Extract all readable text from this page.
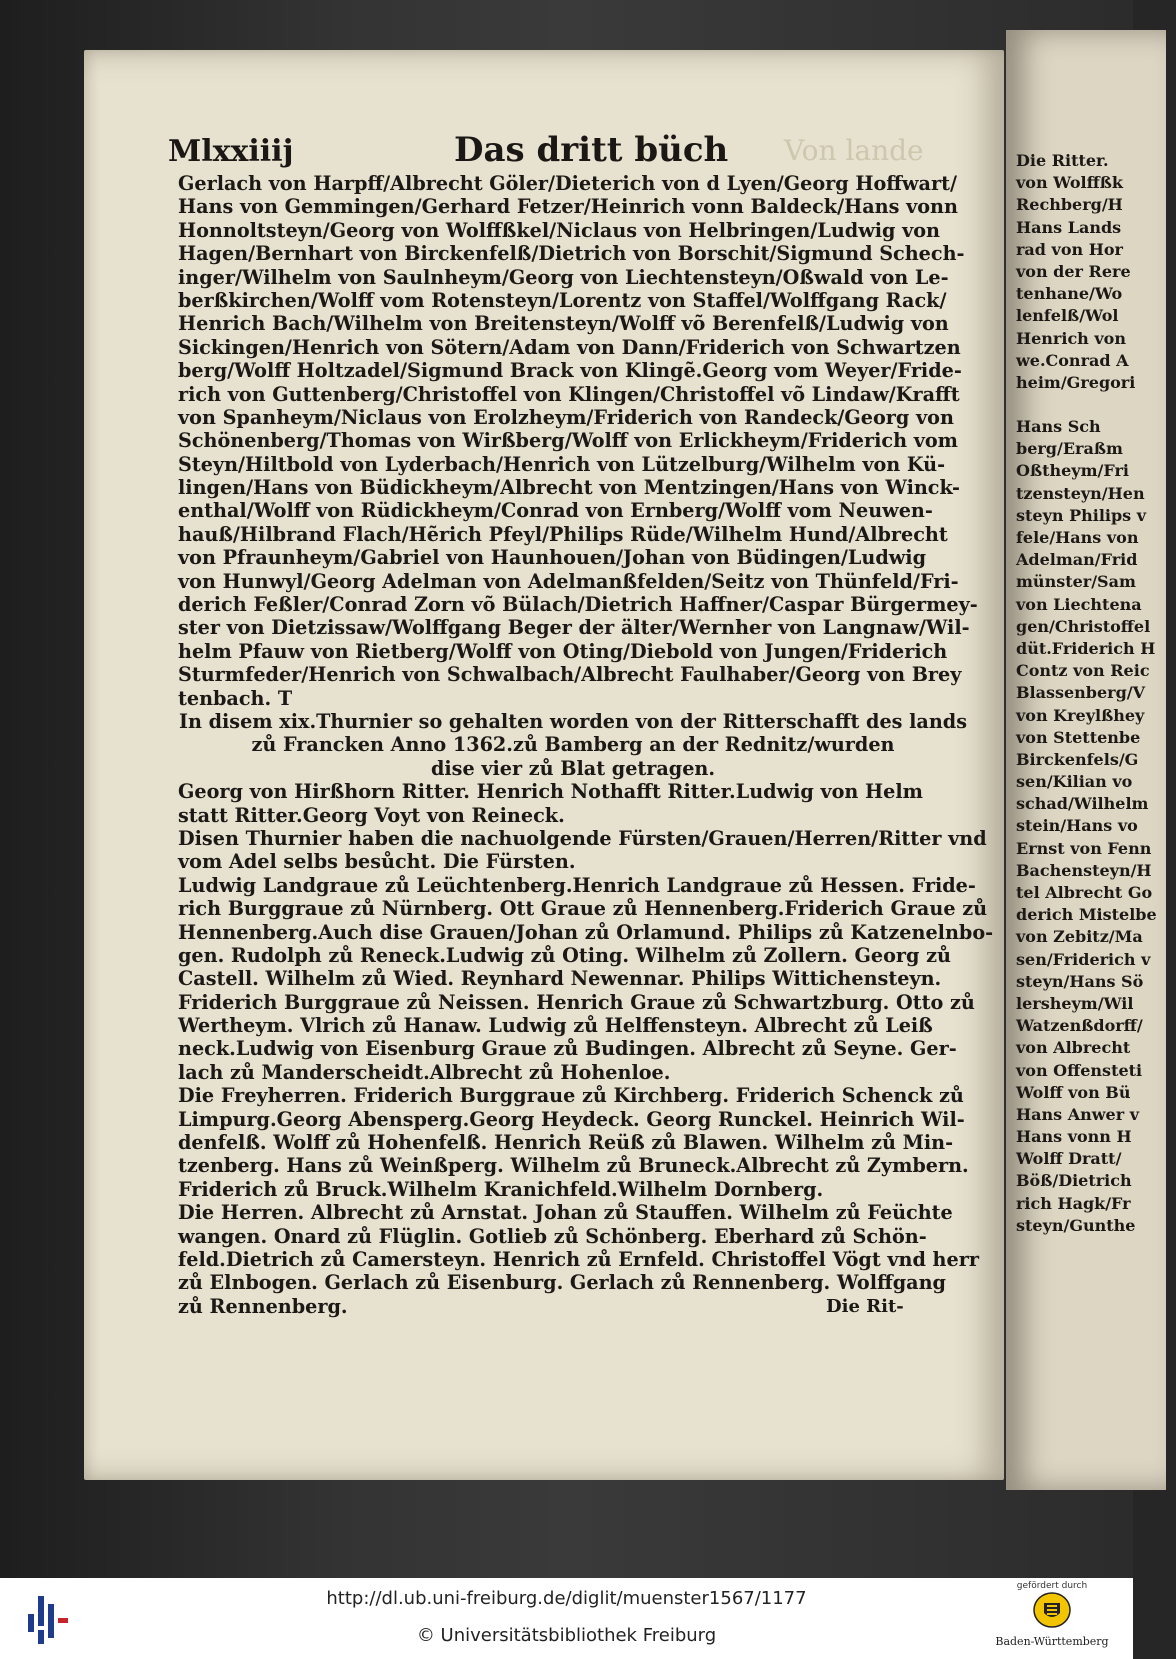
Mlxxiiij	Das dritt büch Von lande
Gerlach von Harpff/Albrecht Göler/Dieterich von d Lyen/Georg Hoffwart/
Hans von Gemmingen/Gerhard Fetzer/Heinrich vonn Baldeck/Hans vonn
Honnoltsteyn/Georg von Wolffßkel/Niclaus von Helbringen/Ludwig von
Hagen/Bernhart von Birckenfelß/Dietrich von Borschit/Sigmund Schech-
inger/Wilhelm von Saulnheym/Georg von Liechtensteyn/Oßwald von Le-
berßkirchen/Wolff vom Rotensteyn/Lorentz von Staffel/Wolffgang Rack/
Henrich Bach/Wilhelm von Breitensteyn/Wolff võ Berenfelß/Ludwig von
Sickingen/Henrich von Sötern/Adam von Dann/Friderich von Schwartzen
berg/Wolff Holtzadel/Sigmund Brack von Klingẽ.Georg vom Weyer/Fride-
rich von Guttenberg/Christoffel von Klingen/Christoffel võ Lindaw/Krafft
von Spanheym/Niclaus von Erolzheym/Friderich von Randeck/Georg von
Schönenberg/Thomas von Wirßberg/Wolff von Erlickheym/Friderich vom
Steyn/Hiltbold von Lyderbach/Henrich von Lützelburg/Wilhelm von Kü-
lingen/Hans von Büdickheym/Albrecht von Mentzingen/Hans von Winck-
enthal/Wolff von Rüdickheym/Conrad von Ernberg/Wolff vom Neuwen-
hauß/Hilbrand Flach/Hẽrich Pfeyl/Philips Rüde/Wilhelm Hund/Albrecht
von Pfraunheym/Gabriel von Haunhouen/Johan von Büdingen/Ludwig
von Hunwyl/Georg Adelman von Adelmanßfelden/Seitz von Thünfeld/Fri-
derich Feßler/Conrad Zorn võ Bülach/Dietrich Haffner/Caspar Bürgermey-
ster von Dietzissaw/Wolffgang Beger der älter/Wernher von Langnaw/Wil-
helm Pfauw von Rietberg/Wolff von Oting/Diebold von Jungen/Friderich
Sturmfeder/Henrich von Schwalbach/Albrecht Faulhaber/Georg von Brey
tenbach. T
In disem xix.Thurnier so gehalten worden von der Ritterschafft des lands
zů Francken Anno 1362.zů Bamberg an der Rednitz/wurden
dise vier zů Blat getragen.
Georg von Hirßhorn Ritter. Henrich Nothafft Ritter.Ludwig von Helm
statt Ritter.Georg Voyt von Reineck.
Disen Thurnier haben die nachuolgende Fürsten/Grauen/Herren/Ritter vnd
vom Adel selbs besůcht. Die Fürsten.
Ludwig Landgraue zů Leüchtenberg.Henrich Landgraue zů Hessen. Fride-
rich Burggraue zů Nürnberg. Ott Graue zů Hennenberg.Friderich Graue zů
Hennenberg.Auch dise Grauen/Johan zů Orlamund. Philips zů Katzenelnbo-
gen. Rudolph zů Reneck.Ludwig zů Oting. Wilhelm zů Zollern. Georg zů
Castell. Wilhelm zů Wied. Reynhard Newennar. Philips Wittichensteyn.
Friderich Burggraue zů Neissen. Henrich Graue zů Schwartzburg. Otto zů
Wertheym. Vlrich zů Hanaw. Ludwig zů Helffensteyn. Albrecht zů Leiß
neck.Ludwig von Eisenburg Graue zů Budingen. Albrecht zů Seyne. Ger-
lach zů Manderscheidt.Albrecht zů Hohenloe.
Die Freyherren. Friderich Burggraue zů Kirchberg. Friderich Schenck zů
Limpurg.Georg Abensperg.Georg Heydeck. Georg Runckel. Heinrich Wil-
denfelß. Wolff zů Hohenfelß. Henrich Reüß zů Blawen. Wilhelm zů Min-
tzenberg. Hans zů Weinßperg. Wilhelm zů Bruneck.Albrecht zů Zymbern.
Friderich zů Bruck.Wilhelm Kranichfeld.Wilhelm Dornberg.
Die Herren. Albrecht zů Arnstat. Johan zů Stauffen. Wilhelm zů Feüchte
wangen. Onard zů Flüglin. Gotlieb zů Schönberg. Eberhard zů Schön-
feld.Dietrich zů Camersteyn. Henrich zů Ernfeld. Christoffel Vögt vnd herr
zů Elnbogen. Gerlach zů Eisenburg. Gerlach zů Rennenberg. Wolffgang
zů Rennenberg.	Die Rit-
Die Ritter.
von Wolffßk
Rechberg/H
Hans Lands
rad von Hor
von der Rere
tenhane/Wo
lenfelß/Wol
Henrich von
we.Conrad A
heim/Gregori
Hans Sch
berg/Eraßm
Oßtheym/Fri
tzensteyn/Hen
steyn Philips v
fele/Hans von
Adelman/Frid
münster/Sam
von Liechtena
gen/Christoffel
düt.Friderich H
Contz von Reic
Blassenberg/V
von Kreylßhey
von Stettenbe
Birckenfels/G
sen/Kilian vo
schad/Wilhelm
stein/Hans vo
Ernst von Fenn
Bachensteyn/H
tel Albrecht Go
derich Mistelbe
von Zebitz/Ma
sen/Friderich v
steyn/Hans Sö
lersheym/Wil
Watzenßdorff/
von Albrecht
von Offensteti
Wolff von Bü
Hans Anwer v
Hans vonn H
Wolff Dratt/
Böß/Dietrich
rich Hagk/Fr
steyn/Gunthe
http://dl.ub.uni-freiburg.de/diglit/muenster1567/1177
© Universitätsbibliothek Freiburg
gefördert durch
Baden-Württemberg
